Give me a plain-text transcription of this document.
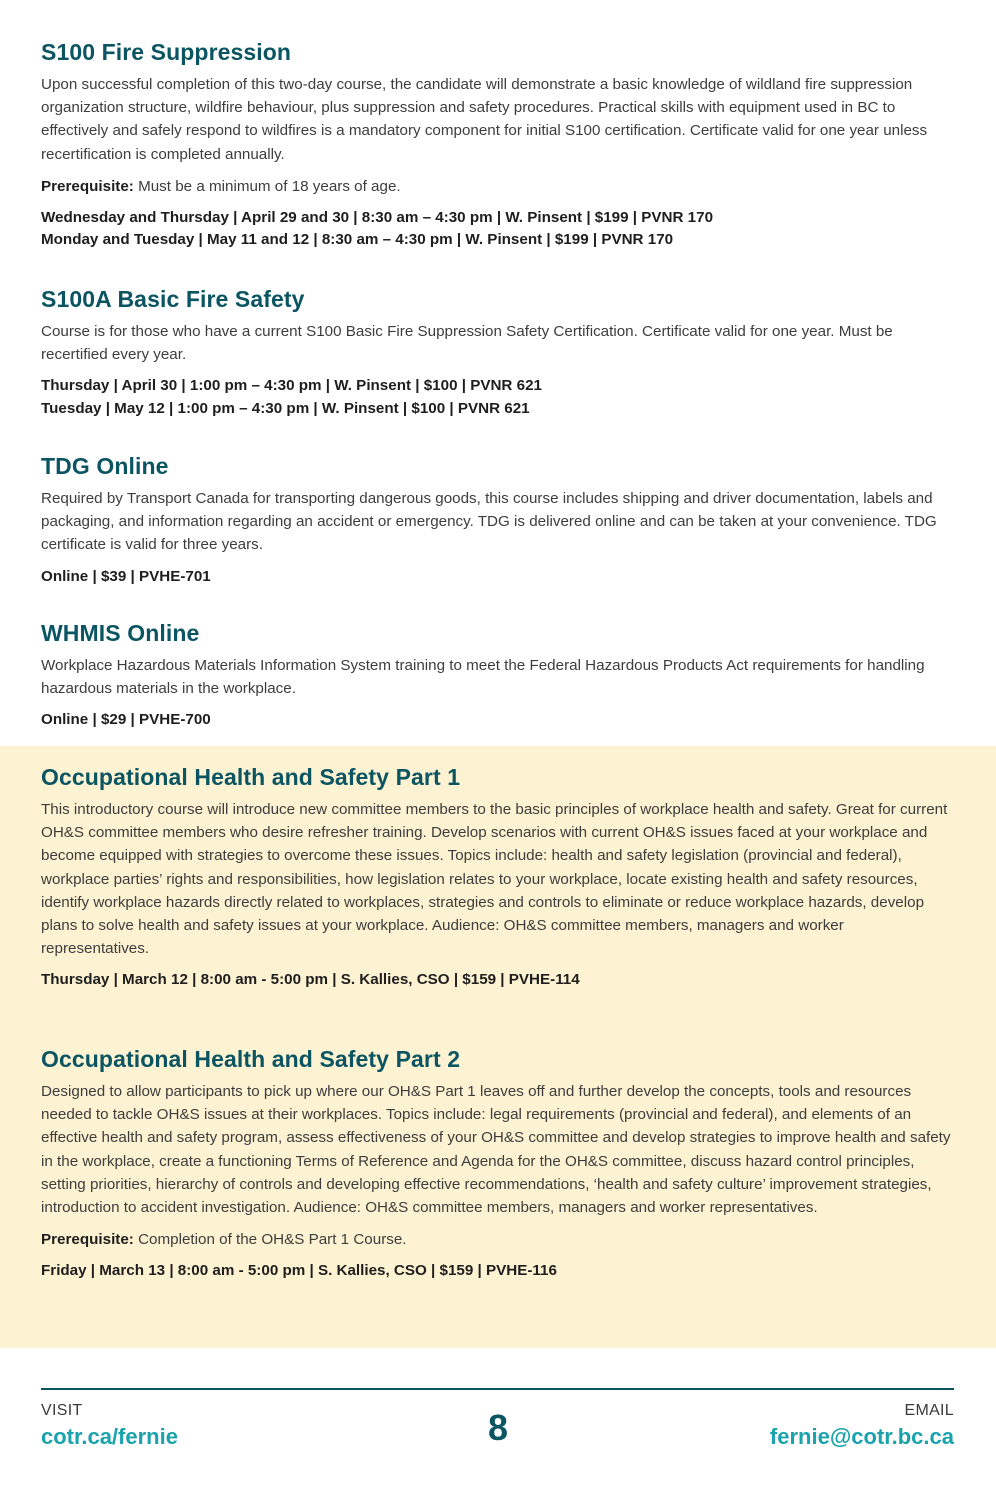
S100 Fire Suppression

Upon successful completion of this two-day course, the candidate will demonstrate a basic knowledge of wildland fire suppression organization structure, wildfire behaviour, plus suppression and safety procedures. Practical skills with equipment used in BC to effectively and safely respond to wildfires is a mandatory component for initial S100 certification. Certificate valid for one year unless recertification is completed annually.

Prerequisite: Must be a minimum of 18 years of age.

Wednesday and Thursday | April 29 and 30 | 8:30 am – 4:30 pm | W. Pinsent | $199 | PVNR 170
Monday and Tuesday | May 11 and 12 | 8:30 am – 4:30 pm | W. Pinsent | $199 | PVNR 170
S100A Basic Fire Safety

Course is for those who have a current S100 Basic Fire Suppression Safety Certification. Certificate valid for one year. Must be recertified every year.

Thursday | April 30 | 1:00 pm – 4:30 pm | W. Pinsent | $100 | PVNR 621
Tuesday | May 12 | 1:00 pm – 4:30 pm | W. Pinsent | $100 | PVNR 621
TDG Online

Required by Transport Canada for transporting dangerous goods, this course includes shipping and driver documentation, labels and packaging, and information regarding an accident or emergency. TDG is delivered online and can be taken at your convenience. TDG certificate is valid for three years.

Online | $39 | PVHE-701
WHMIS Online

Workplace Hazardous Materials Information System training to meet the Federal Hazardous Products Act requirements for handling hazardous materials in the workplace.

Online | $29 | PVHE-700
Occupational Health and Safety Part 1

This introductory course will introduce new committee members to the basic principles of workplace health and safety. Great for current OH&S committee members who desire refresher training. Develop scenarios with current OH&S issues faced at your workplace and become equipped with strategies to overcome these issues. Topics include: health and safety legislation (provincial and federal), workplace parties’ rights and responsibilities, how legislation relates to your workplace, locate existing health and safety resources, identify workplace hazards directly related to workplaces, strategies and controls to eliminate or reduce workplace hazards, develop plans to solve health and safety issues at your workplace. Audience: OH&S committee members, managers and worker representatives.

Thursday | March 12 | 8:00 am - 5:00 pm | S. Kallies, CSO | $159 | PVHE-114
Occupational Health and Safety Part 2

Designed to allow participants to pick up where our OH&S Part 1 leaves off and further develop the concepts, tools and resources needed to tackle OH&S issues at their workplaces. Topics include: legal requirements (provincial and federal), and elements of an effective health and safety program, assess effectiveness of your OH&S committee and develop strategies to improve health and safety in the workplace, create a functioning Terms of Reference and Agenda for the OH&S committee, discuss hazard control principles, setting priorities, hierarchy of controls and developing effective recommendations, ‘health and safety culture’ improvement strategies, introduction to accident investigation. Audience: OH&S committee members, managers and worker representatives.

Prerequisite: Completion of the OH&S Part 1 Course.

Friday | March 13 | 8:00 am - 5:00 pm | S. Kallies, CSO | $159 | PVHE-116
VISIT
cotr.ca/fernie	8	EMAIL
fernie@cotr.bc.ca
